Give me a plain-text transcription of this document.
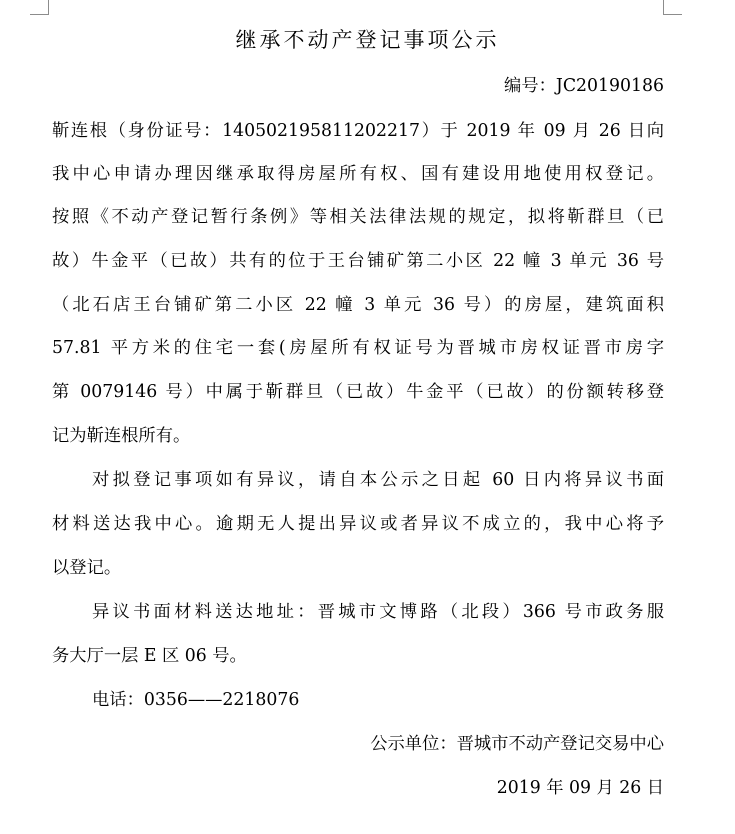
继承不动产登记事项公示
编号：JC20190186
靳连根（身份证号：140502195811202217）于 2019 年 09 月 26 日向
我中心申请办理因继承取得房屋所有权、国有建设用地使用权登记。
按照《不动产登记暂行条例》等相关法律法规的规定，拟将靳群旦（已
故）牛金平（已故）共有的位于王台铺矿第二小区 22 幢 3 单元 36 号
（北石店王台铺矿第二小区 22 幢 3 单元 36 号）的房屋，建筑面积
57.81 平方米的住宅一套(房屋所有权证号为晋城市房权证晋市房字
第 0079146 号）中属于靳群旦（已故）牛金平（已故）的份额转移登
记为靳连根所有。
对拟登记事项如有异议，请自本公示之日起 60 日内将异议书面
材料送达我中心。逾期无人提出异议或者异议不成立的，我中心将予
以登记。
异议书面材料送达地址：晋城市文博路（北段）366 号市政务服
务大厅一层 E 区 06 号。
电话：0356——2218076
公示单位：晋城市不动产登记交易中心
2019 年 09 月 26 日
